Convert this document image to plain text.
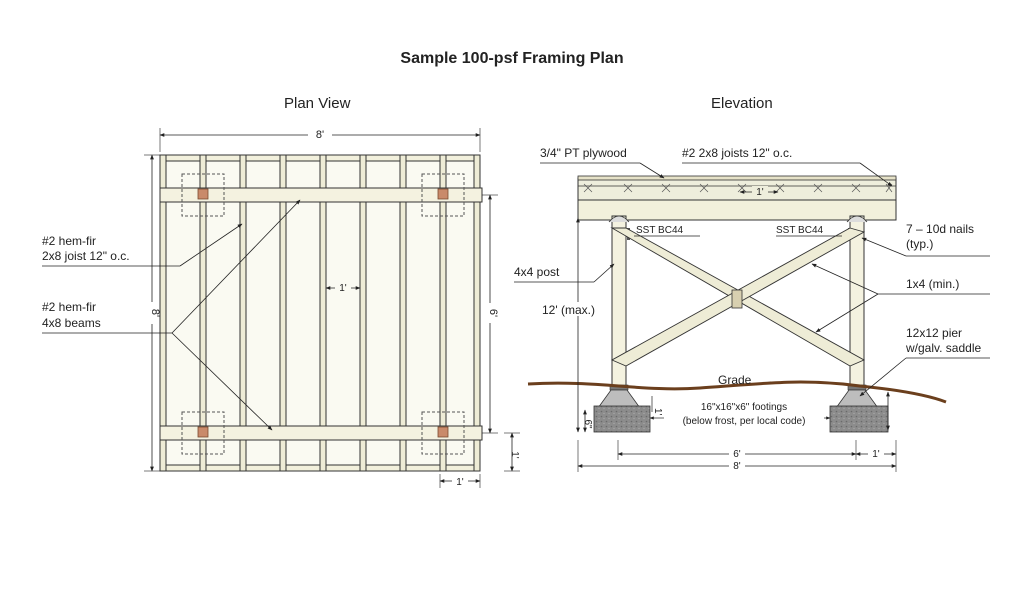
Sample 100-psf Framing Plan
Plan View	Elevation
8'
8'	6'
1'
1'
1'
#2 hem-fir
2x8 joist 12" o.c.
#2 hem-fir
4x8 beams
12' (max.)
6"
1'
6'	1'
8'
1'
3/4" PT plywood	#2 2x8 joists 12" o.c.
SST BC44	SST BC44	7 – 10d nails
(typ.)
4x4 post
1x4 (min.)
12x12 pier
w/galv. saddle
Grade
16"x16"x6" footings
(below frost, per local code)
